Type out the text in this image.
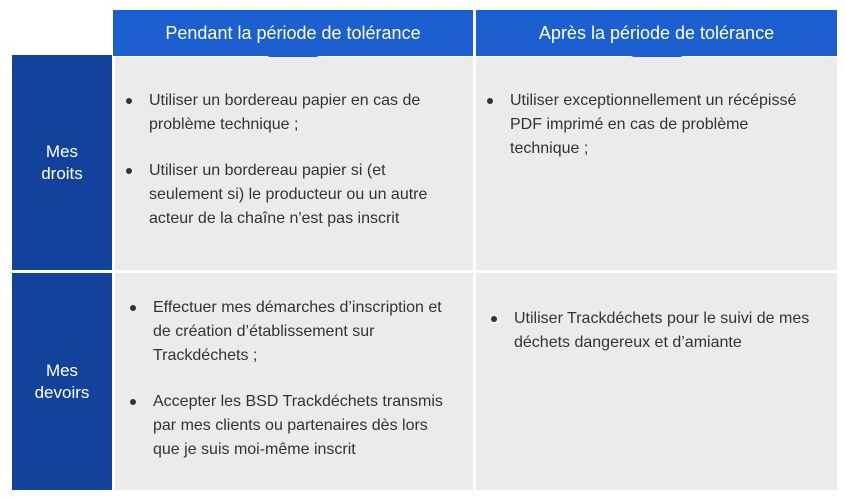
Pendant la période de tolérance	Après la période de tolérance
Mes
droits
Mes
devoirs
Utiliser un bordereau papier en cas de problème technique ;
Utiliser un bordereau papier si (et seulement si) le producteur ou un autre acteur de la chaîne n'est pas inscrit
Utiliser exceptionnellement un récépissé PDF imprimé en cas de problème technique ;
Effectuer mes démarches d’inscription et de création d’établissement sur Trackdéchets ;
Accepter les BSD Trackdéchets transmis par mes clients ou partenaires dès lors que je suis moi-même inscrit
Utiliser Trackdéchets pour le suivi de mes déchets dangereux et d’amiante
